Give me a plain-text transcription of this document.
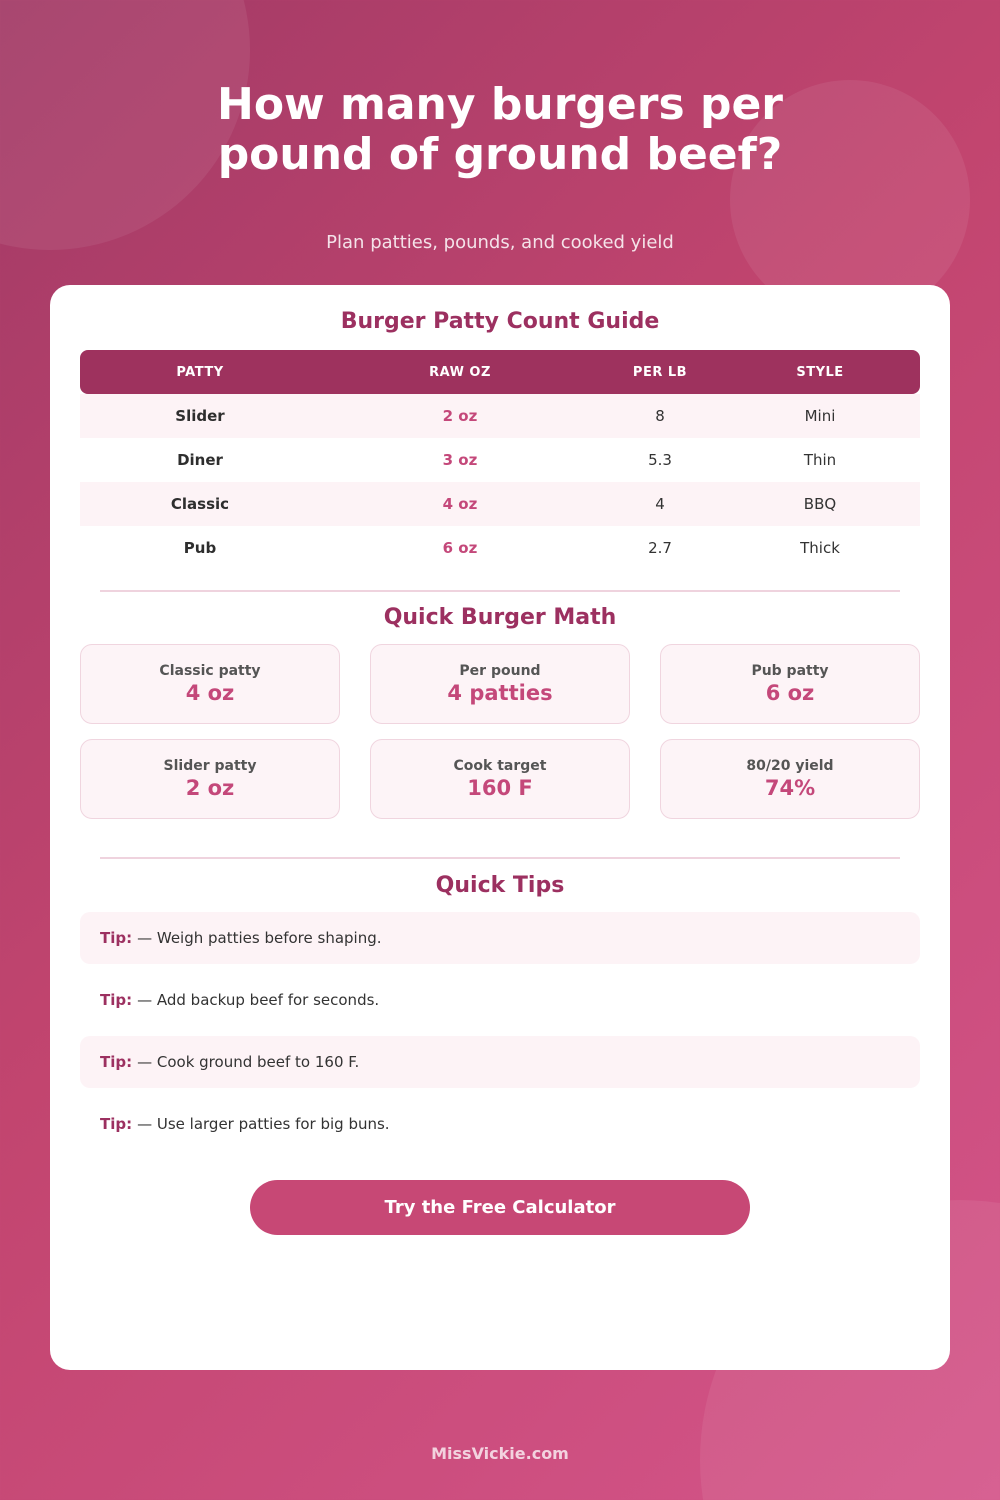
How many burgers per
pound of ground beef?
Plan patties, pounds, and cooked yield
Burger Patty Count Guide
PATTY	RAW OZ	PER LB	STYLE
Slider	2 oz	8	Mini
Diner	3 oz	5.3	Thin
Classic	4 oz	4	BBQ
Pub	6 oz	2.7	Thick
Quick Burger Math
Classic patty
4 oz
Per pound
4 patties
Pub patty
6 oz
Slider patty
2 oz
Cook target
160 F
80/20 yield
74%
Quick Tips
Tip: — Weigh patties before shaping.
Tip: — Add backup beef for seconds.
Tip: — Cook ground beef to 160 F.
Tip: — Use larger patties for big buns.
Try the Free Calculator
MissVickie.com
